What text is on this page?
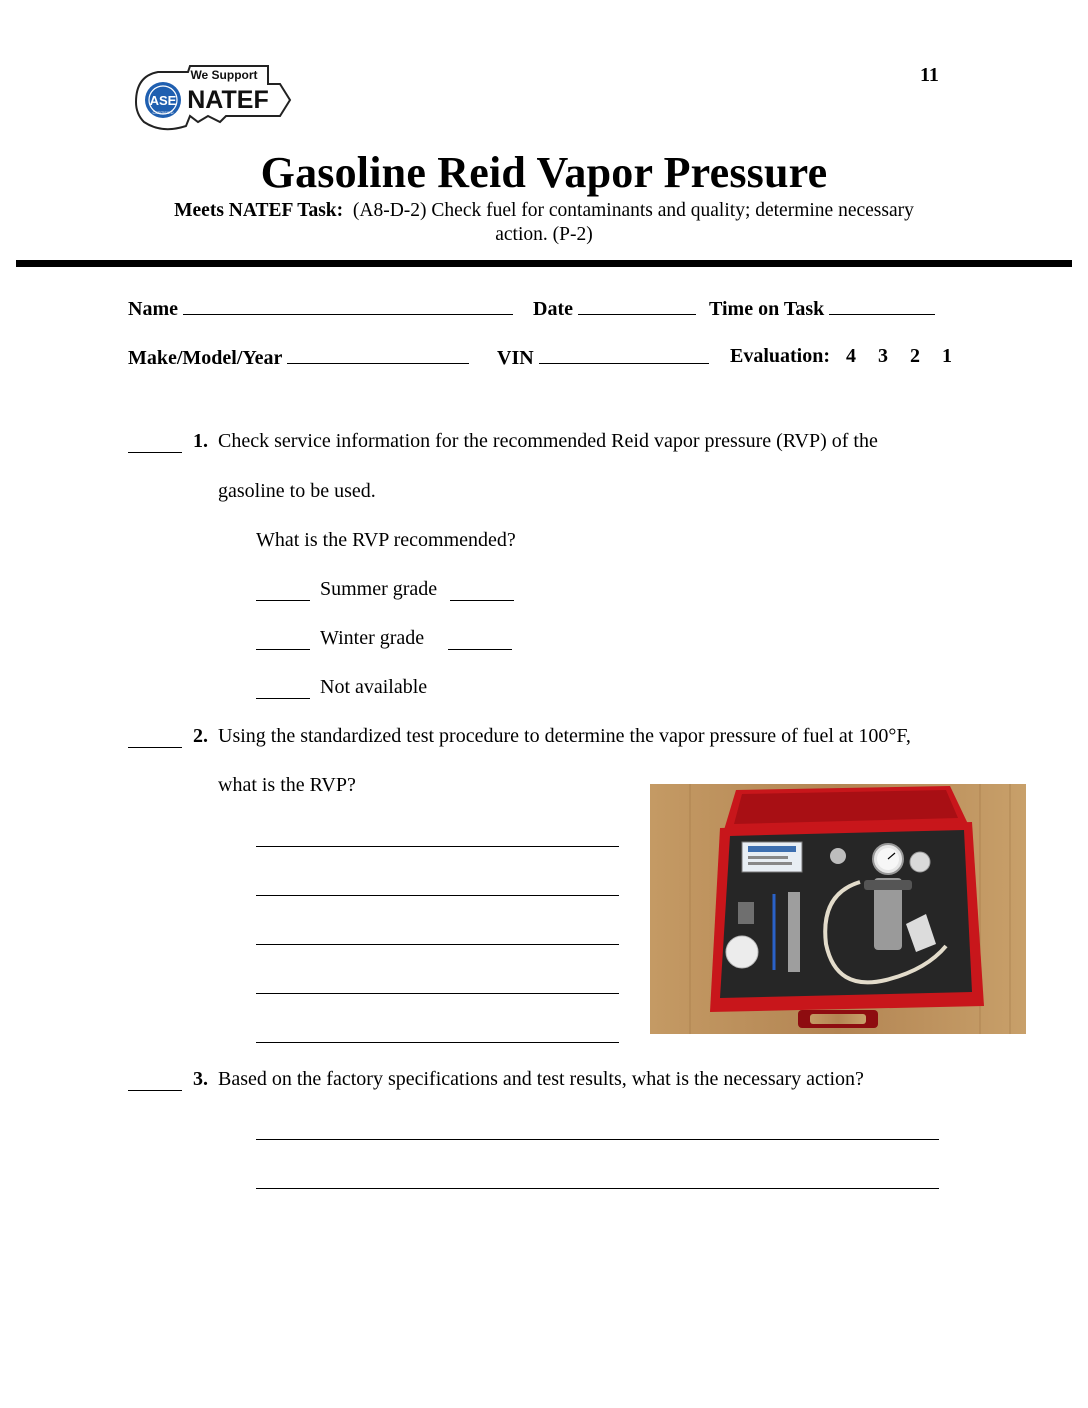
11
ASE
CERTIFIED
We Support
NATEF
Gasoline Reid Vapor Pressure
Meets NATEF Task: (A8-D-2) Check fuel for contaminants and quality; determine necessary
action. (P-2)
Name	Date	Time on Task
Make/Model/Year	VIN	Evaluation: 4 3 2 1
1. Check service information for the recommended Reid vapor pressure (RVP) of the
gasoline to be used.
What is the RVP recommended?
Summer grade
Winter grade
Not available
2. Using the standardized test procedure to determine the vapor pressure of fuel at 100°F,
what is the RVP?
3. Based on the factory specifications and test results, what is the necessary action?
